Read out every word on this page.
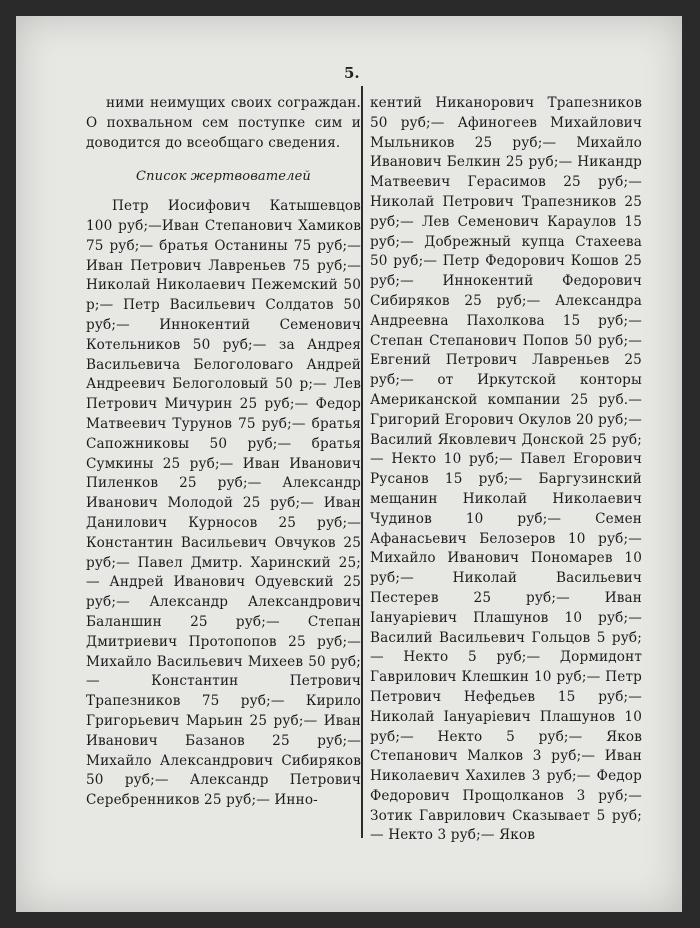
5.

ними неимущих своих сограждан. О похвальном сем поступке сим и доводится до всеобщаго сведения.

Список жертвователей

Петр Иосифович Катышевцов 100 руб;—Иван Степанович Хамиков 75 руб;— братья Останины 75 руб;— Иван Петрович Лавреньев 75 руб;— Николай Николаевич Пежемский 50 р;— Петр Васильевич Солдатов 50 руб;— Иннокентий Семенович Котельников 50 руб;— за Андрея Васильевича Белоголоваго Андрей Андреевич Белоголовый 50 р;— Лев Петрович Мичурин 25 руб;— Федор Матвеевич Турунов 75 руб;— братья Сапожниковы 50 руб;— братья Сумкины 25 руб;— Иван Иванович Пиленков 25 руб;— Александр Иванович Молодой 25 руб;— Иван Данилович Курносов 25 руб;— Константин Васильевич Овчуков 25 руб;— Павел Дмитр. Харинский 25;— Андрей Иванович Одуевский 25 руб;— Александр Александрович Баланшин 25 руб;— Степан Дмитриевич Протопопов 25 руб;— Михайло Васильевич Михеев 50 руб;— Константин Петрович Трапезников 75 руб;— Кирило Григорьевич Марьин 25 руб;— Иван Иванович Базанов 25 руб;— Михайло Александрович Сибиряков 50 руб;— Александр Петрович Серебренников 25 руб;— Инно-

кентий Никанорович Трапезников 50 руб;— Афиногеев Михайлович Мыльников 25 руб;— Михайло Иванович Белкин 25 руб;— Никандр Матвеевич Герасимов 25 руб;— Николай Петрович Трапезников 25 руб;— Лев Семенович Караулов 15 руб;— Добрежный купца Стахеева 50 руб;— Петр Федорович Кошов 25 руб;— Иннокентий Федорович Сибиряков 25 руб;— Александра Андреевна Пахолкова 15 руб;— Степан Степанович Попов 50 руб;— Евгений Петрович Лавреньев 25 руб;— от Иркутской конторы Американской компании 25 руб.— Григорий Егорович Окулов 20 руб;— Василий Яковлевич Донской 25 руб;— Некто 10 руб;— Павел Егорович Русанов 15 руб;— Баргузинский мещанин Николай Николаевич Чудинов 10 руб;— Семен Афанасьевич Белозеров 10 руб;— Михайло Иванович Пономарев 10 руб;— Николай Васильевич Пестерев 25 руб;— Иван Іануаріевич Плашунов 10 руб;— Василий Васильевич Гольцов 5 руб;— Некто 5 руб;— Дормидонт Гаврилович Клешкин 10 руб;— Петр Петрович Нефедьев 15 руб;— Николай Іануаріевич Плашунов 10 руб;— Некто 5 руб;— Яков Степанович Малков 3 руб;— Иван Николаевич Хахилев 3 руб;— Федор Федорович Прощолканов 3 руб;— Зотик Гаврилович Сказывает 5 руб;— Некто 3 руб;— Яков
